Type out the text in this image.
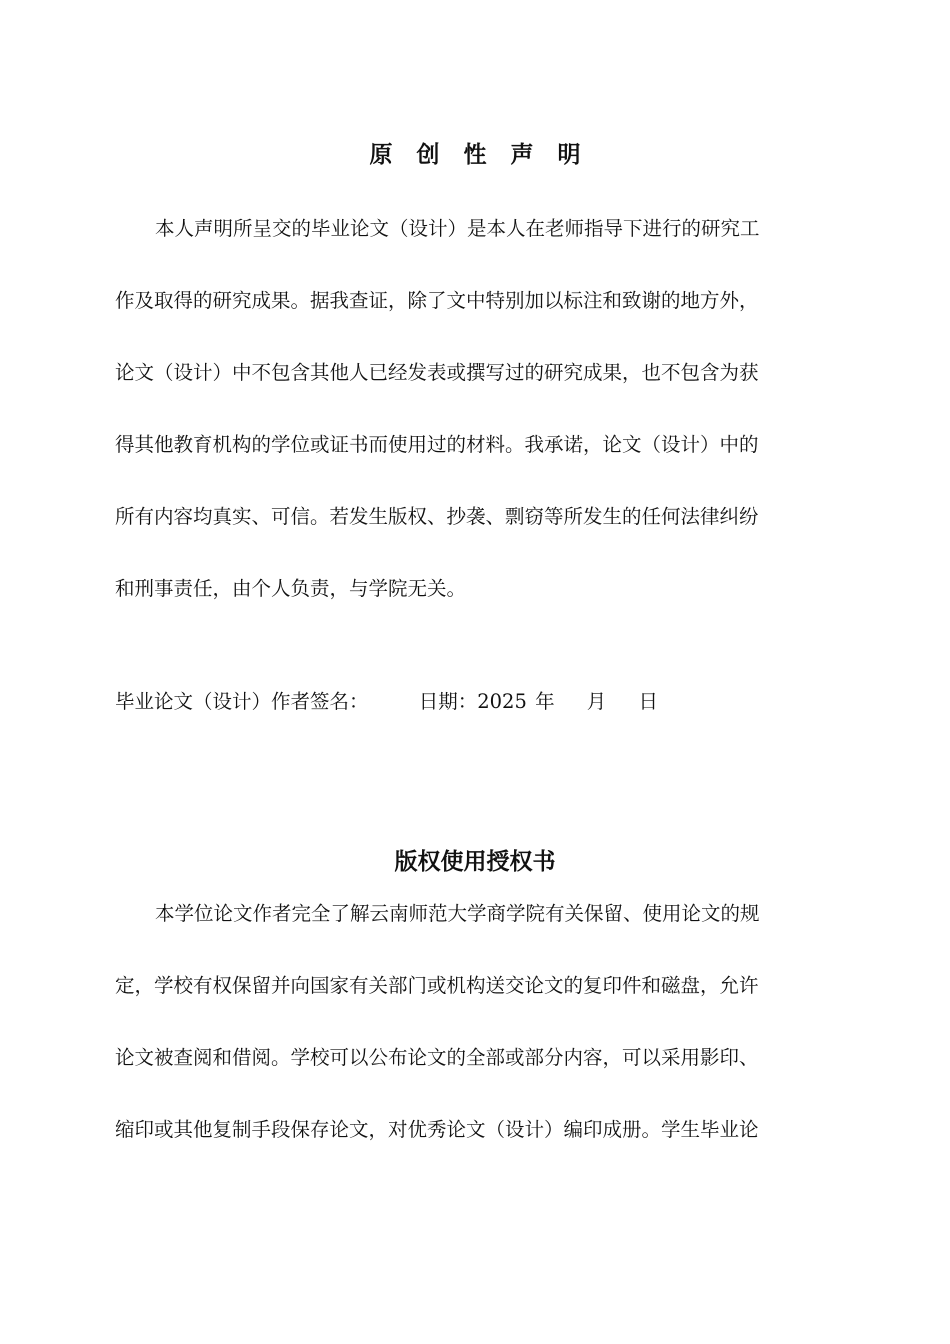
原 创 性 声 明
本人声明所呈交的毕业论文（设计）是本人在老师指导下进行的研究工
作及取得的研究成果。据我查证，除了文中特别加以标注和致谢的地方外，
论文（设计）中不包含其他人已经发表或撰写过的研究成果，也不包含为获
得其他教育机构的学位或证书而使用过的材料。我承诺，论文（设计）中的
所有内容均真实、可信。若发生版权、抄袭、剽窃等所发生的任何法律纠纷
和刑事责任，由个人负责，与学院无关。
毕业论文（设计）作者签名：	日期：2025 年 月 日
版权使用授权书
本学位论文作者完全了解云南师范大学商学院有关保留、使用论文的规
定，学校有权保留并向国家有关部门或机构送交论文的复印件和磁盘，允许
论文被查阅和借阅。学校可以公布论文的全部或部分内容，可以采用影印、
缩印或其他复制手段保存论文，对优秀论文（设计）编印成册。学生毕业论
